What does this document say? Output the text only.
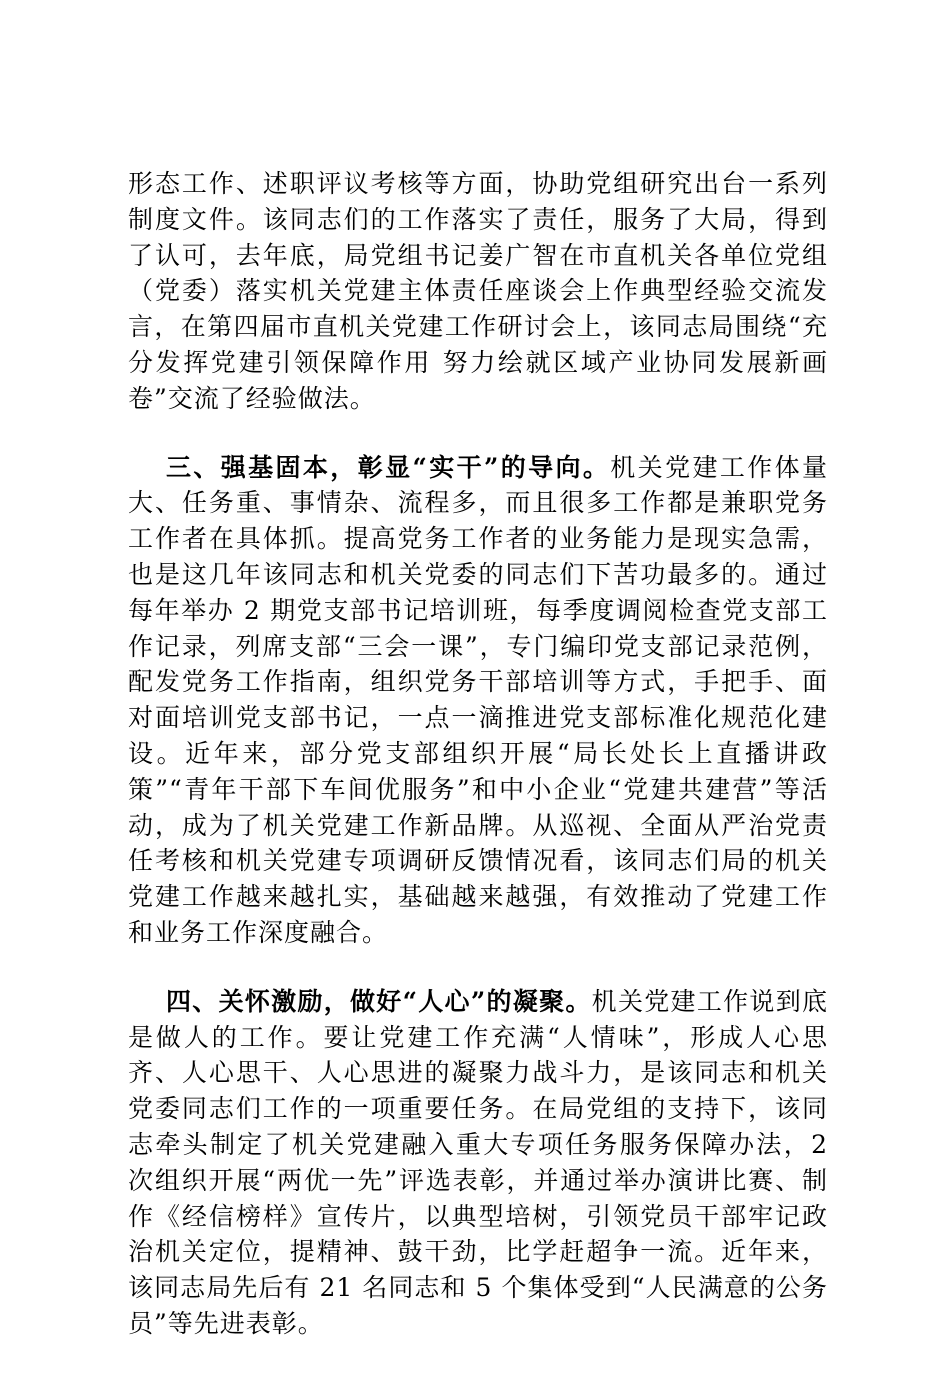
形态工作、述职评议考核等方面，协助党组研究出台一系列制度文件。该同志们的工作落实了责任，服务了大局，得到了认可，去年底，局党组书记姜广智在市直机关各单位党组（党委）落实机关党建主体责任座谈会上作典型经验交流发言，在第四届市直机关党建工作研讨会上，该同志局围绕“充分发挥党建引领保障作用 努力绘就区域产业协同发展新画卷”交流了经验做法。

三、强基固本，彰显“实干”的导向。机关党建工作体量大、任务重、事情杂、流程多，而且很多工作都是兼职党务工作者在具体抓。提高党务工作者的业务能力是现实急需，也是这几年该同志和机关党委的同志们下苦功最多的。通过每年举办 2 期党支部书记培训班，每季度调阅检查党支部工作记录，列席支部“三会一课”，专门编印党支部记录范例，配发党务工作指南，组织党务干部培训等方式，手把手、面对面培训党支部书记，一点一滴推进党支部标准化规范化建设。近年来，部分党支部组织开展“局长处长上直播讲政策”“青年干部下车间优服务”和中小企业“党建共建营”等活动，成为了机关党建工作新品牌。从巡视、全面从严治党责任考核和机关党建专项调研反馈情况看，该同志们局的机关党建工作越来越扎实，基础越来越强，有效推动了党建工作和业务工作深度融合。

四、关怀激励，做好“人心”的凝聚。机关党建工作说到底是做人的工作。要让党建工作充满“人情味”，形成人心思齐、人心思干、人心思进的凝聚力战斗力，是该同志和机关党委同志们工作的一项重要任务。在局党组的支持下，该同志牵头制定了机关党建融入重大专项任务服务保障办法，2 次组织开展“两优一先”评选表彰，并通过举办演讲比赛、制作《经信榜样》宣传片，以典型培树，引领党员干部牢记政治机关定位，提精神、鼓干劲，比学赶超争一流。近年来，该同志局先后有 21 名同志和 5 个集体受到“人民满意的公务员”等先进表彰。
